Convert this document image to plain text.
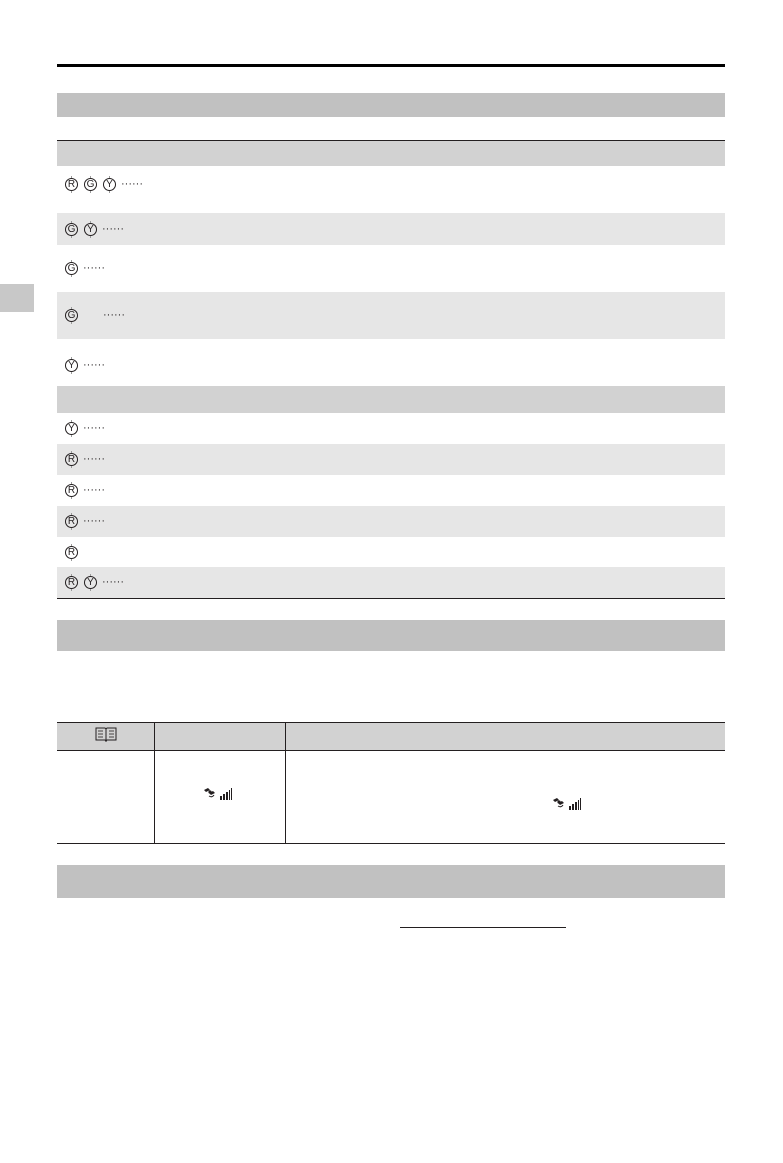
R	G	Y ······
G	Y ······
G ······
G	······
Y ······
Y ······
R ······
R ······
R ······
R
R	Y ······
